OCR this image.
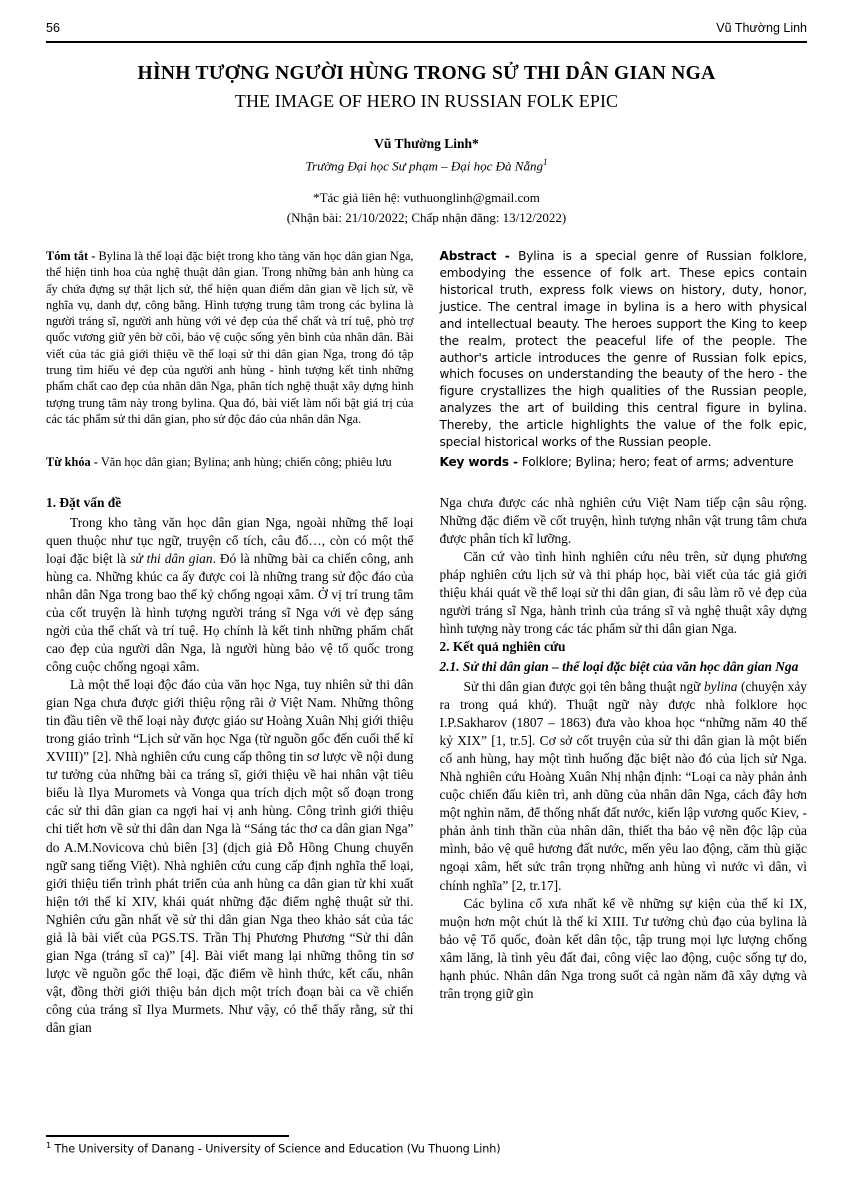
56	Vũ Thường Linh
HÌNH TƯỢNG NGƯỜI HÙNG TRONG SỬ THI DÂN GIAN NGA
THE IMAGE OF HERO IN RUSSIAN FOLK EPIC

Vũ Thường Linh*

Trường Đại học Sư phạm – Đại học Đà Nẵng$^1$

*Tác giả liên hệ: vuthuonglinh@gmail.com

(Nhận bài: 21/10/2022; Chấp nhận đăng: 13/12/2022)

Tóm tắt - Bylina là thể loại đặc biệt trong kho tàng văn học dân gian Nga, thể hiện tinh hoa của nghệ thuật dân gian. Trong những bản anh hùng ca ấy chứa đựng sự thật lịch sử, thể hiện quan điểm dân gian về lịch sử, về nghĩa vụ, danh dự, công bằng. Hình tượng trung tâm trong các bylina là người tráng sĩ, người anh hùng với vẻ đẹp của thể chất và trí tuệ, phò trợ quốc vương giữ yên bờ cõi, bảo vệ cuộc sống yên bình của nhân dân. Bài viết của tác giả giới thiệu về thể loại sử thi dân gian Nga, trong đó tập trung tìm hiểu vẻ đẹp của người anh hùng - hình tượng kết tinh những phẩm chất cao đẹp của nhân dân Nga, phân tích nghệ thuật xây dựng hình tượng trung tâm này trong bylina. Qua đó, bài viết làm nổi bật giá trị của các tác phẩm sử thi dân gian, pho sử độc đáo của nhân dân Nga.

Abstract - Bylina is a special genre of Russian folklore, embodying the essence of folk art. These epics contain historical truth, express folk views on history, duty, honor, justice. The central image in bylina is a hero with physical and intellectual beauty. The heroes support the King to keep the realm, protect the peaceful life of the people. The author's article introduces the genre of Russian folk epics, which focuses on understanding the beauty of the hero - the figure crystallizes the high qualities of the Russian people, analyzes the art of building this central figure in bylina. Thereby, the article highlights the value of the folk epic, special historical works of the Russian people.

Từ khóa - Văn học dân gian; Bylina; anh hùng; chiến công; phiêu lưu	Key words - Folklore; Bylina; hero; feat of arms; adventure

1. Đặt vấn đề

Trong kho tàng văn học dân gian Nga, ngoài những thể loại quen thuộc như tục ngữ, truyện cổ tích, câu đố…, còn có một thể loại đặc biệt là sử thi dân gian. Đó là những bài ca chiến công, anh hùng ca. Những khúc ca ấy được coi là những trang sử độc đáo của nhân dân Nga trong bao thế kỷ chống ngoại xâm. Ở vị trí trung tâm của cốt truyện là hình tượng người tráng sĩ Nga với vẻ đẹp sáng ngời của thể chất và trí tuệ. Họ chính là kết tinh những phẩm chất cao đẹp của người dân Nga, là người hùng bảo vệ tổ quốc trong công cuộc chống ngoại xâm.

Là một thể loại độc đáo của văn học Nga, tuy nhiên sử thi dân gian Nga chưa được giới thiệu rộng rãi ở Việt Nam. Những thông tin đầu tiên về thể loại này được giáo sư Hoàng Xuân Nhị giới thiệu trong giáo trình “Lịch sử văn học Nga (từ nguồn gốc đến cuối thế kỉ XVIII)” [2]. Nhà nghiên cứu cung cấp thông tin sơ lược về nội dung tư tưởng của những bài ca tráng sĩ, giới thiệu về hai nhân vật tiêu biểu là Ilya Muromets và Vonga qua trích dịch một số đoạn trong các sử thi dân gian ca ngợi hai vị anh hùng. Công trình giới thiệu chi tiết hơn về sử thi dân dan Nga là “Sáng tác thơ ca dân gian Nga” do A.M.Novicova chủ biên [3] (dịch giả Đỗ Hồng Chung chuyển ngữ sang tiếng Việt). Nhà nghiên cứu cung cấp định nghĩa thể loại, giới thiệu tiến trình phát triển của anh hùng ca dân gian từ khi xuất hiện tới thế kỉ XIV, khái quát những đặc điểm nghệ thuật sử thi. Nghiên cứu gần nhất về sử thi dân gian Nga theo khảo sát của tác giả là bài viết của PGS.TS. Trần Thị Phương Phương “Sử thi dân gian Nga (tráng sĩ ca)” [4]. Bài viết mang lại những thông tin sơ lược về nguồn gốc thể loại, đặc điểm về hình thức, kết cấu, nhân vật, đồng thời giới thiệu bản dịch một trích đoạn bài ca về chiến công của tráng sĩ Ilya Murmets. Như vậy, có thể thấy rằng, sử thi dân gian

Nga chưa được các nhà nghiên cứu Việt Nam tiếp cận sâu rộng. Những đặc điểm về cốt truyện, hình tượng nhân vật trung tâm chưa được phân tích kĩ lưỡng.

Căn cứ vào tình hình nghiên cứu nêu trên, sử dụng phương pháp nghiên cứu lịch sử và thi pháp học, bài viết của tác giả giới thiệu khái quát về thể loại sử thi dân gian, đi sâu làm rõ vẻ đẹp của người tráng sĩ Nga, hành trình của tráng sĩ và nghệ thuật xây dựng hình tượng này trong các tác phẩm sử thi dân gian Nga.

2. Kết quả nghiên cứu
2.1. Sử thi dân gian – thể loại đặc biệt của văn học dân gian Nga

Sử thi dân gian được gọi tên bằng thuật ngữ bylina (chuyện xảy ra trong quá khứ). Thuật ngữ này được nhà folklore học I.P.Sakharov (1807 – 1863) đưa vào khoa học “những năm 40 thế kỷ XIX” [1, tr.5]. Cơ sở cốt truyện của sử thi dân gian là một biến cố anh hùng, hay một tình huống đặc biệt nào đó của lịch sử Nga. Nhà nghiên cứu Hoàng Xuân Nhị nhận định: “Loại ca này phản ảnh cuộc chiến đấu kiên trì, anh dũng của nhân dân Nga, cách đây hơn một nghìn năm, để thống nhất đất nước, kiến lập vương quốc Kiev, - phản ảnh tinh thần của nhân dân, thiết tha bảo vệ nền độc lập của mình, bảo vệ quê hương đất nước, mến yêu lao động, căm thù giặc ngoại xâm, hết sức trân trọng những anh hùng vì nước vì dân, vì chính nghĩa” [2, tr.17].

Các bylina cổ xưa nhất kể về những sự kiện của thế kỉ IX, muộn hơn một chút là thế kỉ XIII. Tư tưởng chủ đạo của bylina là bảo vệ Tổ quốc, đoàn kết dân tộc, tập trung mọi lực lượng chống xâm lăng, là tình yêu đất đai, công việc lao động, cuộc sống tự do, hạnh phúc. Nhân dân Nga trong suốt cả ngàn năm đã xây dựng và trân trọng giữ gìn

$^1$ The University of Danang - University of Science and Education (Vu Thuong Linh)
